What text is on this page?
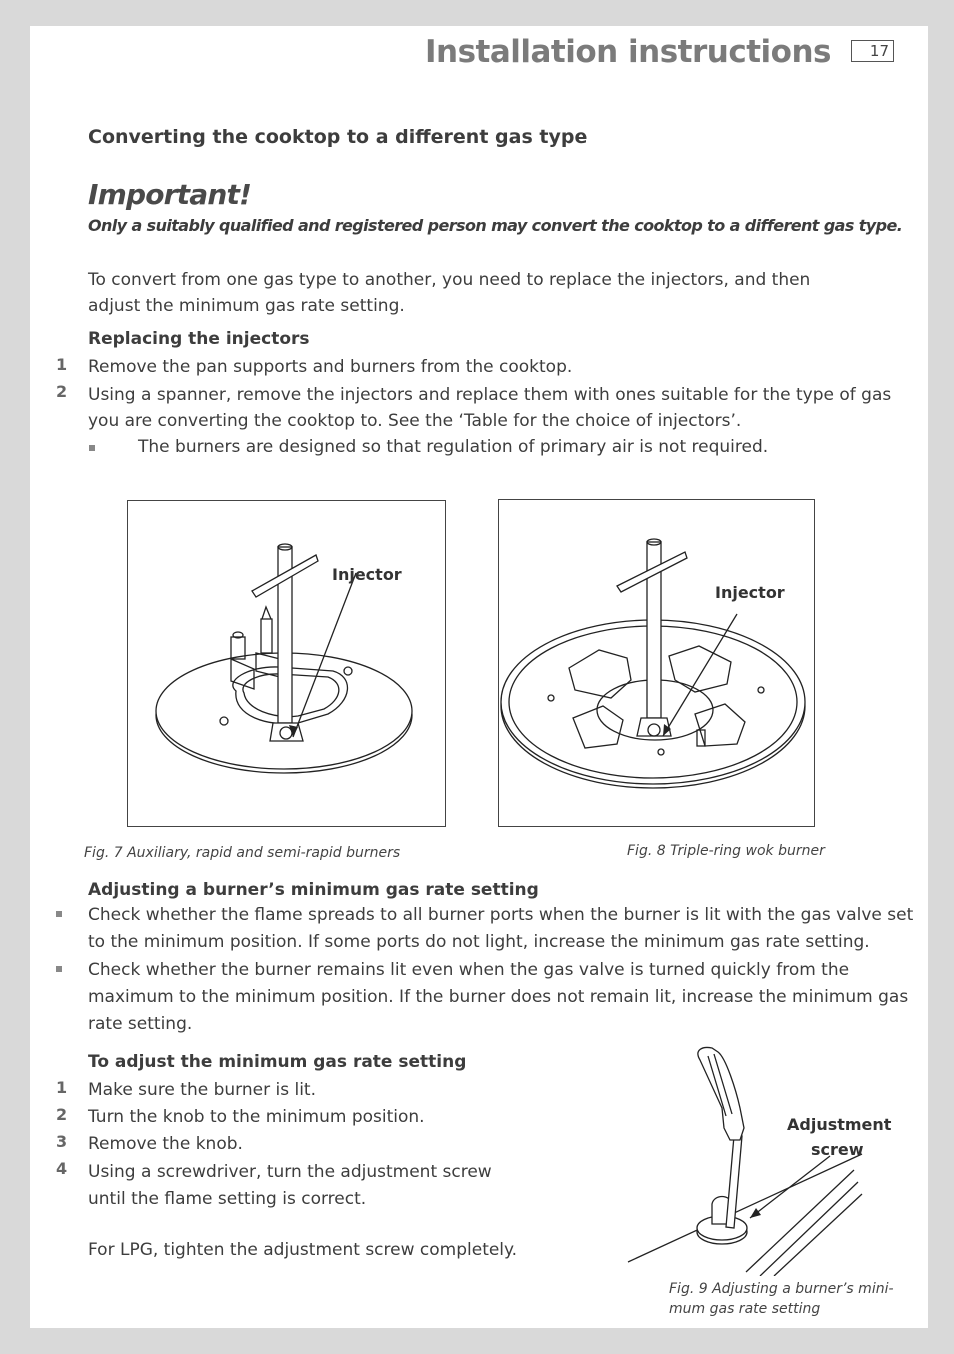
Installation instructions	17
Converting the cooktop to a different gas type
Important!
Only a suitably qualified and registered person may convert the cooktop to a different gas type.
To convert from one gas type to another, you need to replace the injectors, and then
adjust the minimum gas rate setting.
Replacing the injectors
1 Remove the pan supports and burners from the cooktop.
2 Using a spanner, remove the injectors and replace them with ones suitable for the type of gas
you are converting the cooktop to. See the ‘Table for the choice of injectors’.
The burners are designed so that regulation of primary air is not required.
Injector
Fig. 7 Auxiliary, rapid and semi-rapid burners
Injector
Fig. 8 Triple-ring wok burner
Adjusting a burner’s minimum gas rate setting
Check whether the flame spreads to all burner ports when the burner is lit with the gas valve set
to the minimum position. If some ports do not light, increase the minimum gas rate setting.
Check whether the burner remains lit even when the gas valve is turned quickly from the
maximum to the minimum position. If the burner does not remain lit, increase the minimum gas
rate setting.
To adjust the minimum gas rate setting
1 Make sure the burner is lit.
2 Turn the knob to the minimum position.
3 Remove the knob.
4 Using a screwdriver, turn the adjustment screw
until the flame setting is correct.
For LPG, tighten the adjustment screw completely.
Adjustment
screw
Fig. 9 Adjusting a burner’s mini-
mum gas rate setting
